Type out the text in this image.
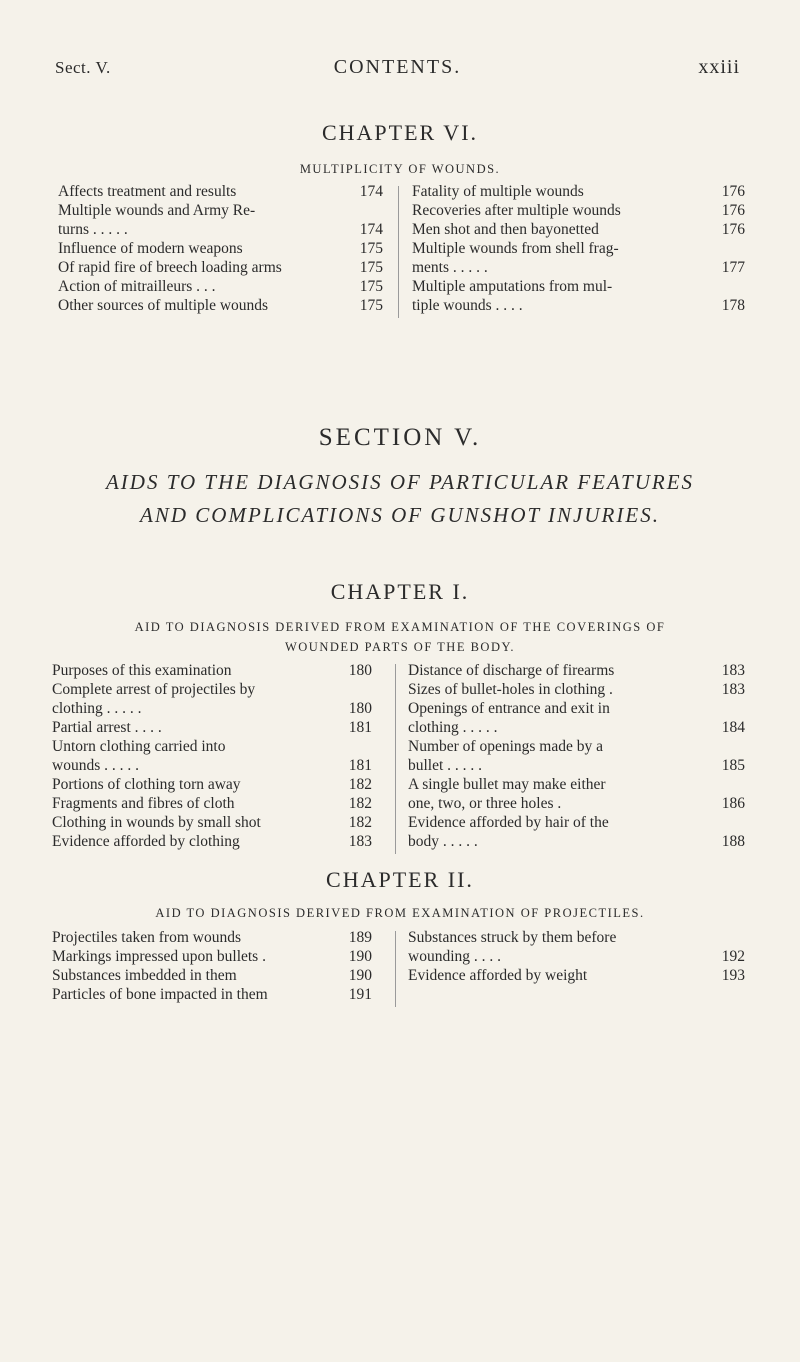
Sect. V.	CONTENTS.	xxiii
CHAPTER VI.
MULTIPLICITY OF WOUNDS.
Affects treatment and results	174
Multiple wounds and Army Re-
turns . . . . .	174
Influence of modern weapons	175
Of rapid fire of breech loading arms	175
Action of mitrailleurs . . .	175
Other sources of multiple wounds	175
Fatality of multiple wounds	176
Recoveries after multiple wounds	176
Men shot and then bayonetted	176
Multiple wounds from shell frag-
ments . . . . .	177
Multiple amputations from mul-
tiple wounds . . . .	178
SECTION V.
AIDS TO THE DIAGNOSIS OF PARTICULAR FEATURES
AND COMPLICATIONS OF GUNSHOT INJURIES.
CHAPTER I.
AID TO DIAGNOSIS DERIVED FROM EXAMINATION OF THE COVERINGS OF
WOUNDED PARTS OF THE BODY.
Purposes of this examination	180
Complete arrest of projectiles by
clothing . . . . .	180
Partial arrest . . . .	181
Untorn clothing carried into
wounds . . . . .	181
Portions of clothing torn away	182
Fragments and fibres of cloth	182
Clothing in wounds by small shot	182
Evidence afforded by clothing	183
Distance of discharge of firearms	183
Sizes of bullet-holes in clothing .	183
Openings of entrance and exit in
clothing . . . . .	184
Number of openings made by a
bullet . . . . .	185
A single bullet may make either
one, two, or three holes .	186
Evidence afforded by hair of the
body . . . . .	188
CHAPTER II.
AID TO DIAGNOSIS DERIVED FROM EXAMINATION OF PROJECTILES.
Projectiles taken from wounds	189
Markings impressed upon bullets .	190
Substances imbedded in them	190
Particles of bone impacted in them	191
Substances struck by them before
wounding . . . .	192
Evidence afforded by weight	193
